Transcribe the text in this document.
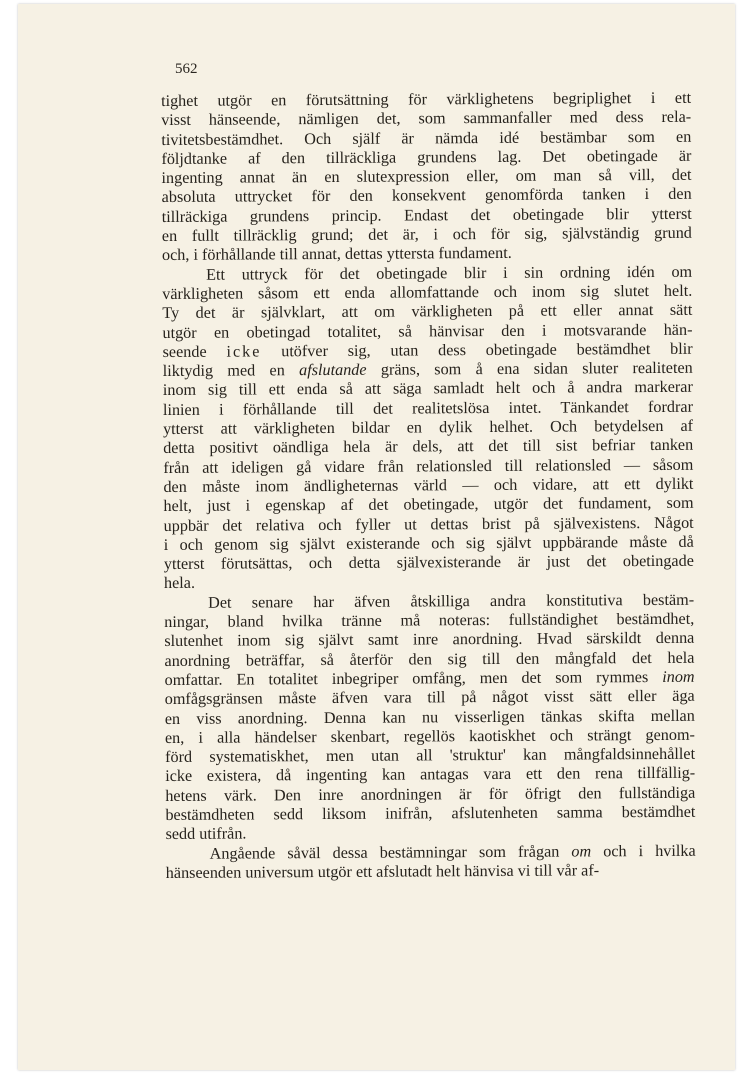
562

tighet utgör en förutsättning för värklighetens begriplighet i ett
visst hänseende, nämligen det, som sammanfaller med dess rela-
tivitetsbestämdhet. Och själf är nämda idé bestämbar som en
följdtanke af den tillräckliga grundens lag. Det obetingade är
ingenting annat än en slutexpression eller, om man så vill, det
absoluta uttrycket för den konsekvent genomförda tanken i den
tillräckiga grundens princip. Endast det obetingade blir ytterst
en fullt tillräcklig grund; det är, i och för sig, självständig grund
och, i förhållande till annat, dettas yttersta fundament.

Ett uttryck för det obetingade blir i sin ordning idén om
värkligheten såsom ett enda allomfattande och inom sig slutet helt.
Ty det är självklart, att om värkligheten på ett eller annat sätt
utgör en obetingad totalitet, så hänvisar den i motsvarande hän-
seende icke utöfver sig, utan dess obetingade bestämdhet blir
liktydig med en afslutande gräns, som å ena sidan sluter realiteten
inom sig till ett enda så att säga samladt helt och å andra markerar
linien i förhållande till det realitetslösa intet. Tänkandet fordrar
ytterst att värkligheten bildar en dylik helhet. Och betydelsen af
detta positivt oändliga hela är dels, att det till sist befriar tanken
från att ideligen gå vidare från relationsled till relationsled — såsom
den måste inom ändligheternas värld — och vidare, att ett dylikt
helt, just i egenskap af det obetingade, utgör det fundament, som
uppbär det relativa och fyller ut dettas brist på självexistens. Något
i och genom sig självt existerande och sig självt uppbärande måste då
ytterst förutsättas, och detta självexisterande är just det obetingade
hela.

Det senare har äfven åtskilliga andra konstitutiva bestäm-
ningar, bland hvilka tränne må noteras: fullständighet bestämdhet,
slutenhet inom sig självt samt inre anordning. Hvad särskildt denna
anordning beträffar, så återför den sig till den mångfald det hela
omfattar. En totalitet inbegriper omfång, men det som rymmes inom
omfågsgränsen måste äfven vara till på något visst sätt eller äga
en viss anordning. Denna kan nu visserligen tänkas skifta mellan
en, i alla händelser skenbart, regellös kaotiskhet och strängt genom-
förd systematiskhet, men utan all 'struktur' kan mångfaldsinnehållet
icke existera, då ingenting kan antagas vara ett den rena tillfällig-
hetens värk. Den inre anordningen är för öfrigt den fullständiga
bestämdheten sedd liksom inifrån, afslutenheten samma bestämdhet
sedd utifrån.

Angående såväl dessa bestämningar som frågan om och i hvilka
hänseenden universum utgör ett afslutadt helt hänvisa vi till vår af-
